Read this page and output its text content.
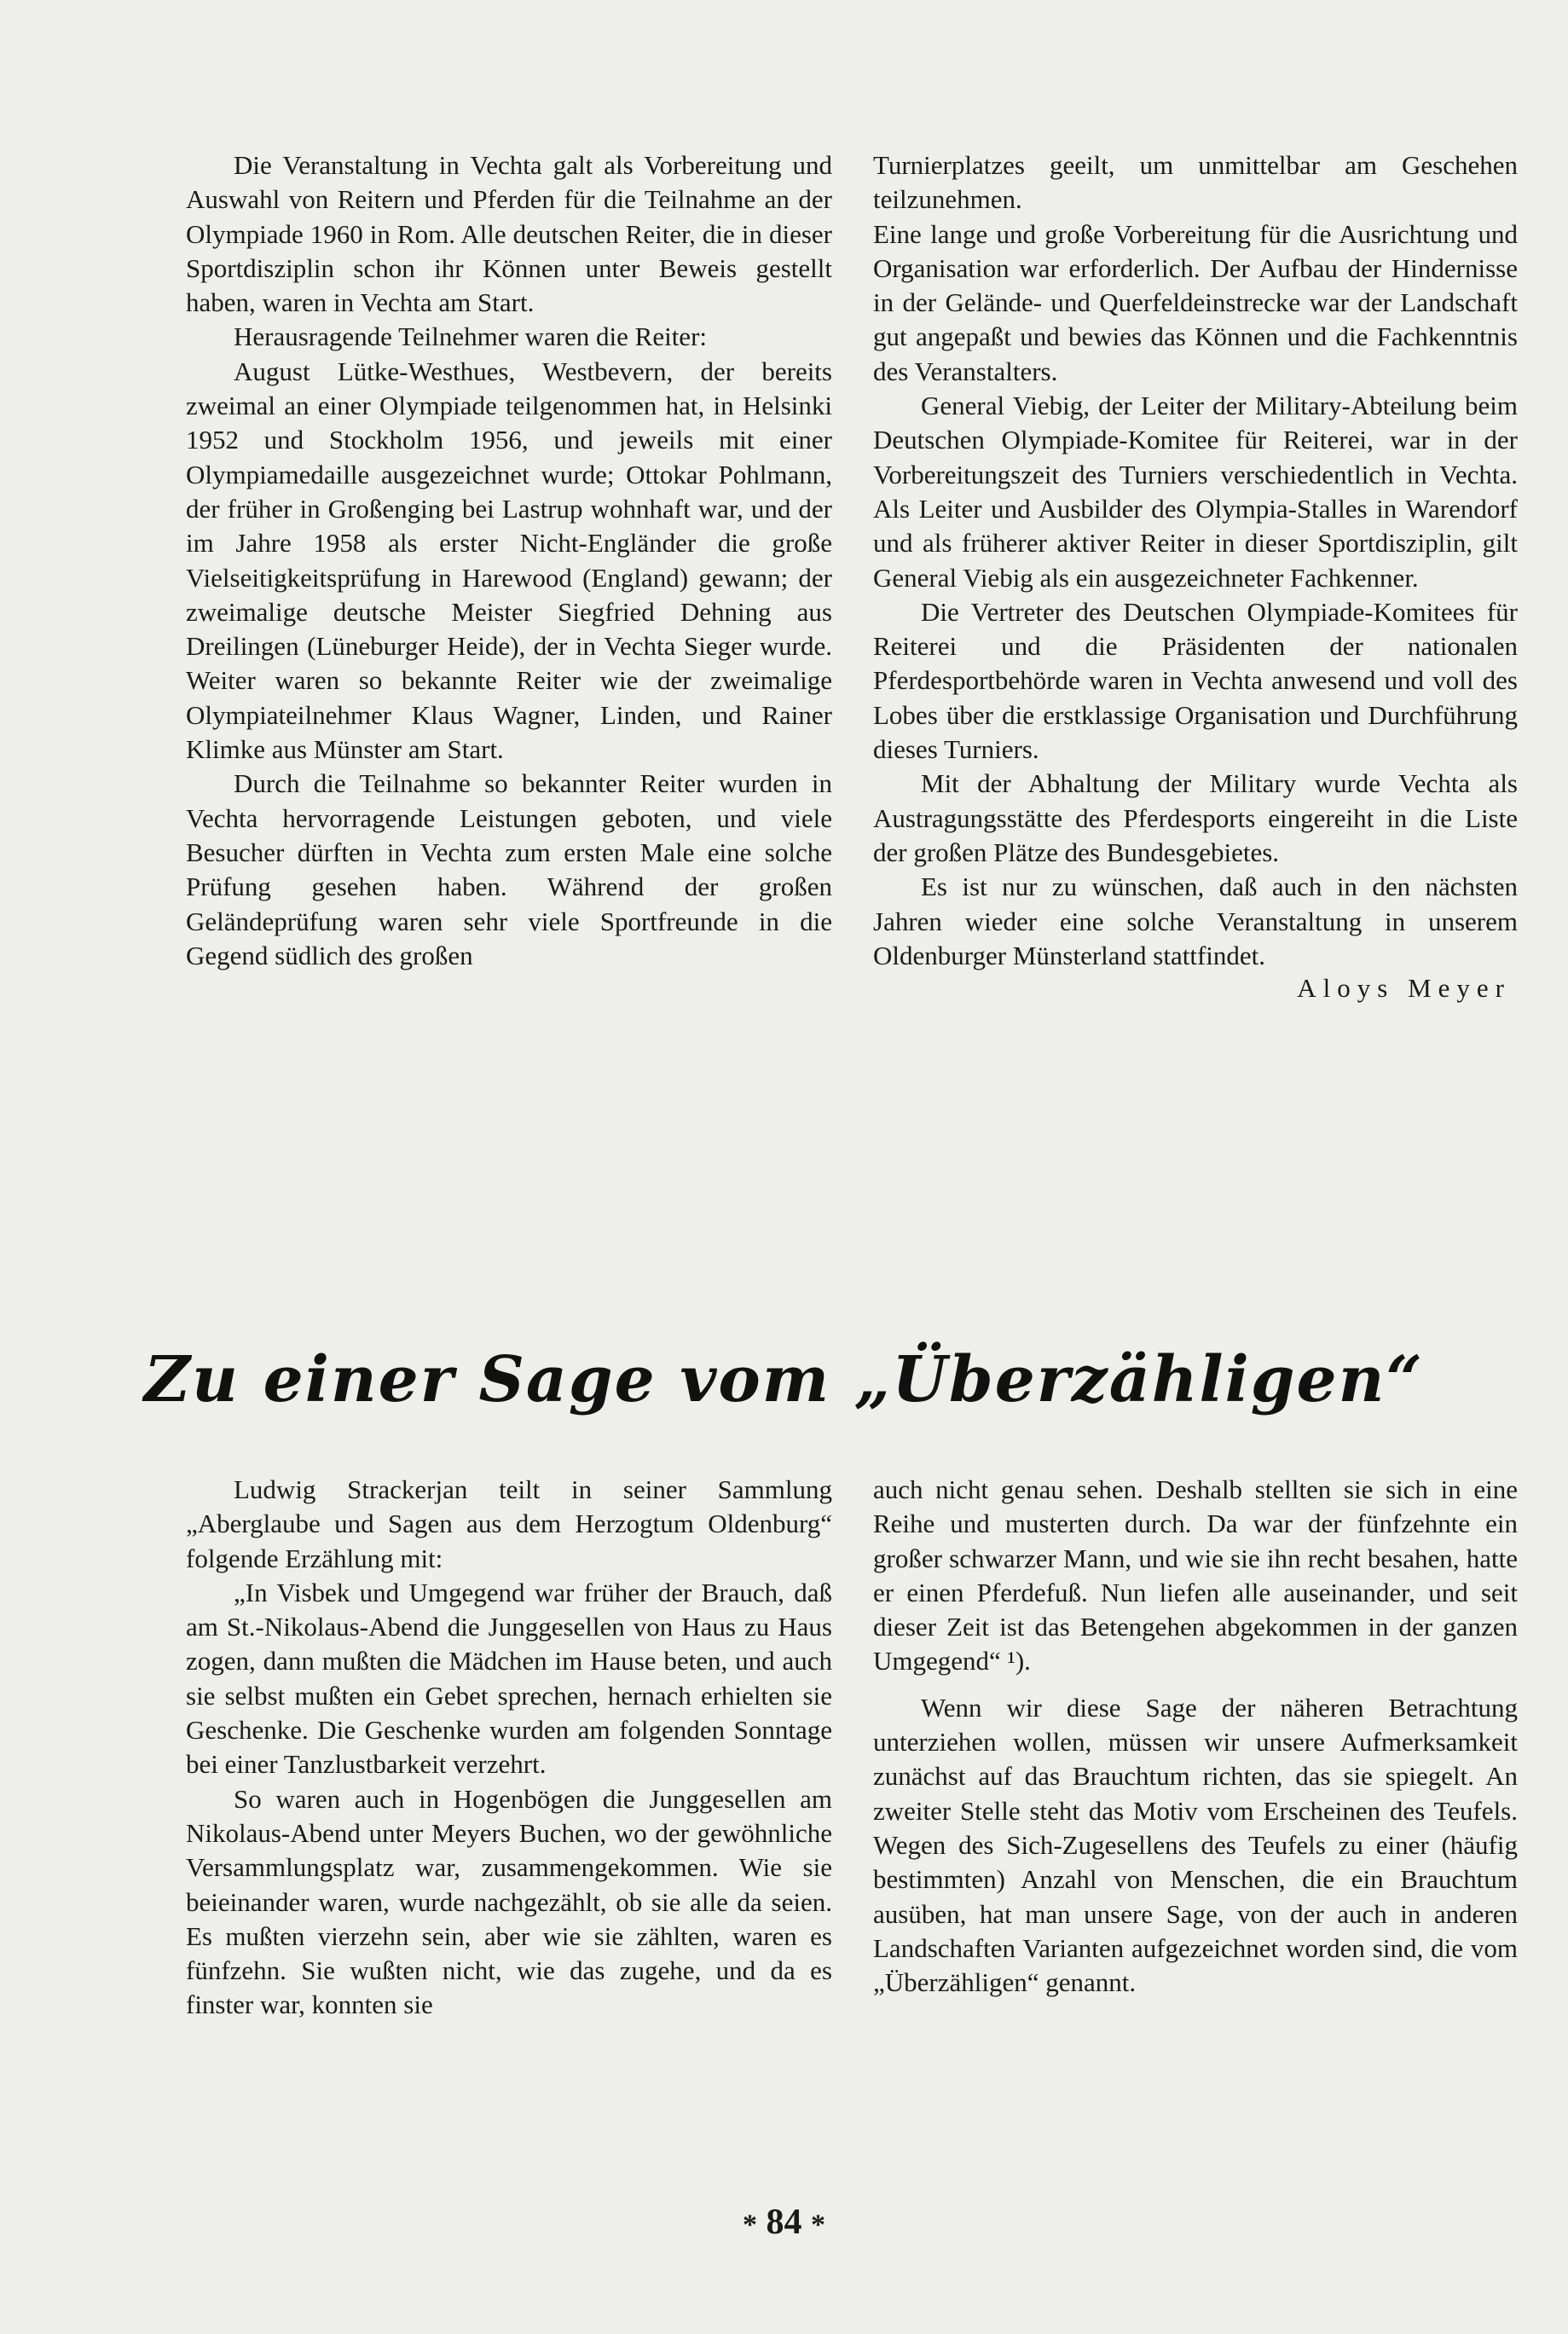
Die Veranstaltung in Vechta galt als Vorbereitung und Auswahl von Reitern und Pferden für die Teilnahme an der Olympiade 1960 in Rom. Alle deutschen Reiter, die in dieser Sportdisziplin schon ihr Können unter Beweis gestellt haben, waren in Vechta am Start.

Herausragende Teilnehmer waren die Reiter:

August Lütke-Westhues, Westbevern, der bereits zweimal an einer Olympiade teilgenommen hat, in Helsinki 1952 und Stockholm 1956, und jeweils mit einer Olympiamedaille ausgezeichnet wurde; Ottokar Pohlmann, der früher in Großenging bei Lastrup wohnhaft war, und der im Jahre 1958 als erster Nicht-Engländer die große Vielseitigkeitsprüfung in Harewood (England) gewann; der zweimalige deutsche Meister Siegfried Dehning aus Dreilingen (Lüneburger Heide), der in Vechta Sieger wurde. Weiter waren so bekannte Reiter wie der zweimalige Olympiateilnehmer Klaus Wagner, Linden, und Rainer Klimke aus Münster am Start.

Durch die Teilnahme so bekannter Reiter wurden in Vechta hervorragende Leistungen geboten, und viele Besucher dürften in Vechta zum ersten Male eine solche Prüfung gesehen haben. Während der großen Geländeprüfung waren sehr viele Sportfreunde in die Gegend südlich des großen

Turnierplatzes geeilt, um unmittelbar am Geschehen teilzunehmen.

Eine lange und große Vorbereitung für die Ausrichtung und Organisation war erforderlich. Der Aufbau der Hindernisse in der Gelände- und Querfeldeinstrecke war der Landschaft gut angepaßt und bewies das Können und die Fachkenntnis des Veranstalters.

General Viebig, der Leiter der Military-Abteilung beim Deutschen Olympiade-Komitee für Reiterei, war in der Vorbereitungszeit des Turniers verschiedentlich in Vechta. Als Leiter und Ausbilder des Olympia-Stalles in Warendorf und als früherer aktiver Reiter in dieser Sportdisziplin, gilt General Viebig als ein ausgezeichneter Fachkenner.

Die Vertreter des Deutschen Olympiade-Komitees für Reiterei und die Präsidenten der nationalen Pferdesportbehörde waren in Vechta anwesend und voll des Lobes über die erstklassige Organisation und Durchführung dieses Turniers.

Mit der Abhaltung der Military wurde Vechta als Austragungsstätte des Pferdesports eingereiht in die Liste der großen Plätze des Bundesgebietes.

Es ist nur zu wünschen, daß auch in den nächsten Jahren wieder eine solche Veranstaltung in unserem Oldenburger Münsterland stattfindet.

Aloys Meyer
Zu einer Sage vom „Überzähligen“

Ludwig Strackerjan teilt in seiner Sammlung „Aberglaube und Sagen aus dem Herzogtum Oldenburg“ folgende Erzählung mit:

„In Visbek und Umgegend war früher der Brauch, daß am St.-Nikolaus-Abend die Junggesellen von Haus zu Haus zogen, dann mußten die Mädchen im Hause beten, und auch sie selbst mußten ein Gebet sprechen, hernach erhielten sie Geschenke. Die Geschenke wurden am folgenden Sonntage bei einer Tanzlustbarkeit verzehrt.

So waren auch in Hogenbögen die Junggesellen am Nikolaus-Abend unter Meyers Buchen, wo der gewöhnliche Versammlungsplatz war, zusammengekommen. Wie sie beieinander waren, wurde nachgezählt, ob sie alle da seien. Es mußten vierzehn sein, aber wie sie zählten, waren es fünfzehn. Sie wußten nicht, wie das zugehe, und da es finster war, konnten sie

auch nicht genau sehen. Deshalb stellten sie sich in eine Reihe und musterten durch. Da war der fünfzehnte ein großer schwarzer Mann, und wie sie ihn recht besahen, hatte er einen Pferdefuß. Nun liefen alle auseinander, und seit dieser Zeit ist das Betengehen abgekommen in der ganzen Umgegend“ ¹).

Wenn wir diese Sage der näheren Betrachtung unterziehen wollen, müssen wir unsere Aufmerksamkeit zunächst auf das Brauchtum richten, das sie spiegelt. An zweiter Stelle steht das Motiv vom Erscheinen des Teufels. Wegen des Sich-Zugesellens des Teufels zu einer (häufig bestimmten) Anzahl von Menschen, die ein Brauchtum ausüben, hat man unsere Sage, von der auch in anderen Landschaften Varianten aufgezeichnet worden sind, die vom „Überzähligen“ genannt.

* 84 *
